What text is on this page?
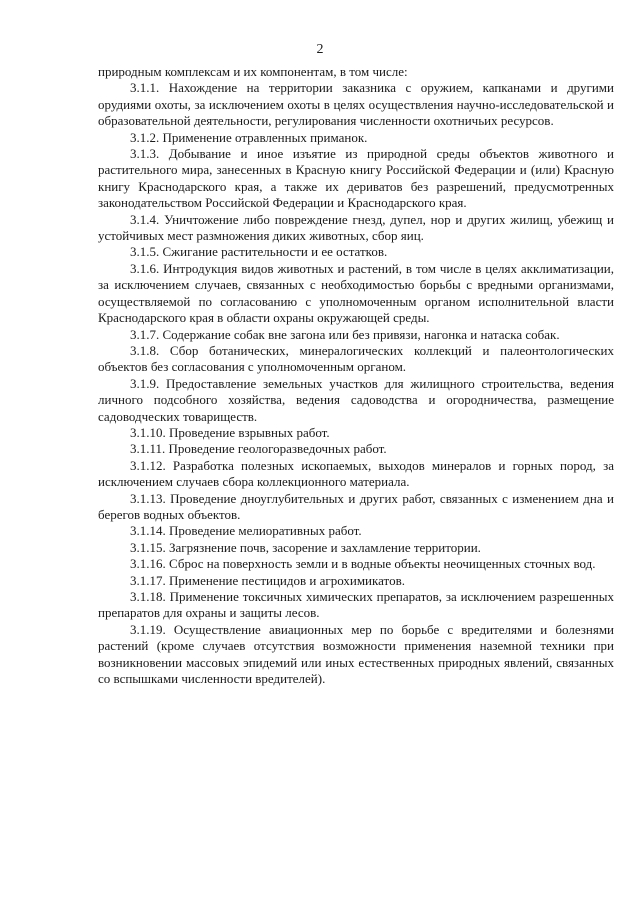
2

природным комплексам и их компонентам, в том числе:

3.1.1. Нахождение на территории заказника с оружием, капканами и другими орудиями охоты, за исключением охоты в целях осуществления научно-исследовательской и образовательной деятельности, регулирования численности охотничьих ресурсов.

3.1.2. Применение отравленных приманок.

3.1.3. Добывание и иное изъятие из природной среды объектов животного и растительного мира, занесенных в Красную книгу Российской Федерации и (или) Красную книгу Краснодарского края, а также их дериватов без разрешений, предусмотренных законодательством Российской Федерации и Краснодарского края.

3.1.4. Уничтожение либо повреждение гнезд, дупел, нор и других жилищ, убежищ и устойчивых мест размножения диких животных, сбор яиц.

3.1.5. Сжигание растительности и ее остатков.

3.1.6. Интродукция видов животных и растений, в том числе в целях акклиматизации, за исключением случаев, связанных с необходимостью борьбы с вредными организмами, осуществляемой по согласованию с уполномоченным органом исполнительной власти Краснодарского края в области охраны окружающей среды.

3.1.7. Содержание собак вне загона или без привязи, нагонка и натаска собак.

3.1.8. Сбор ботанических, минералогических коллекций и палеонтологических объектов без согласования с уполномоченным органом.

3.1.9. Предоставление земельных участков для жилищного строительства, ведения личного подсобного хозяйства, ведения садоводства и огородничества, размещение садоводческих товариществ.

3.1.10. Проведение взрывных работ.

3.1.11. Проведение геологоразведочных работ.

3.1.12. Разработка полезных ископаемых, выходов минералов и горных пород, за исключением случаев сбора коллекционного материала.

3.1.13. Проведение дноуглубительных и других работ, связанных с изменением дна и берегов водных объектов.

3.1.14. Проведение мелиоративных работ.

3.1.15. Загрязнение почв, засорение и захламление территории.

3.1.16. Сброс на поверхность земли и в водные объекты неочищенных сточных вод.

3.1.17. Применение пестицидов и агрохимикатов.

3.1.18. Применение токсичных химических препаратов, за исключением разрешенных препаратов для охраны и защиты лесов.

3.1.19. Осуществление авиационных мер по борьбе с вредителями и болезнями растений (кроме случаев отсутствия возможности применения наземной техники при возникновении массовых эпидемий или иных естественных природных явлений, связанных со вспышками численности вредителей).
